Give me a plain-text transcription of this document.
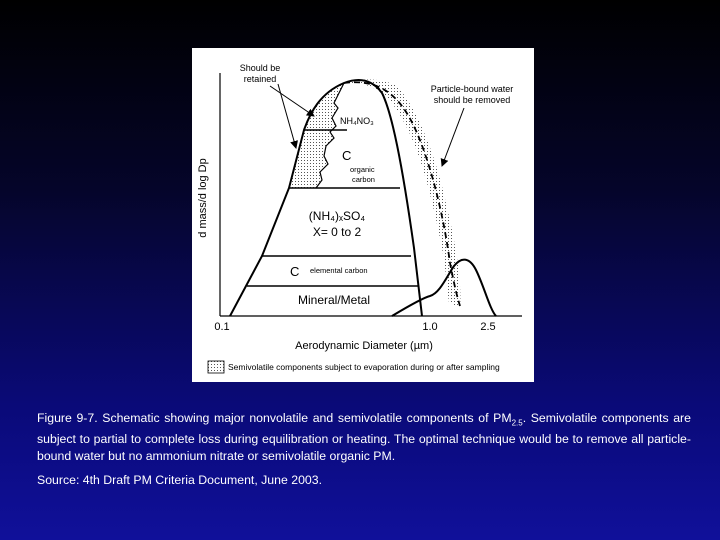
d mass/d log Dp
0.1	1.0	2.5
Aerodynamic Diameter (µm)
Should be
retained
Particle-bound water
should be removed
NH₄NO₃
C
organic
carbon
(NH₄)ₓSO₄
X= 0 to 2
C elemental carbon
Mineral/Metal
Semivolatile components subject to evaporation during or after sampling
Figure 9-7. Schematic showing major nonvolatile and semivolatile components of $PM_{2.5}$. Semivolatile components are subject to partial to complete loss during equilibration or heating. The optimal technique would be to remove all particle-bound water but no ammonium nitrate or semivolatile organic PM.
Source: 4th Draft PM Criteria Document, June 2003.
